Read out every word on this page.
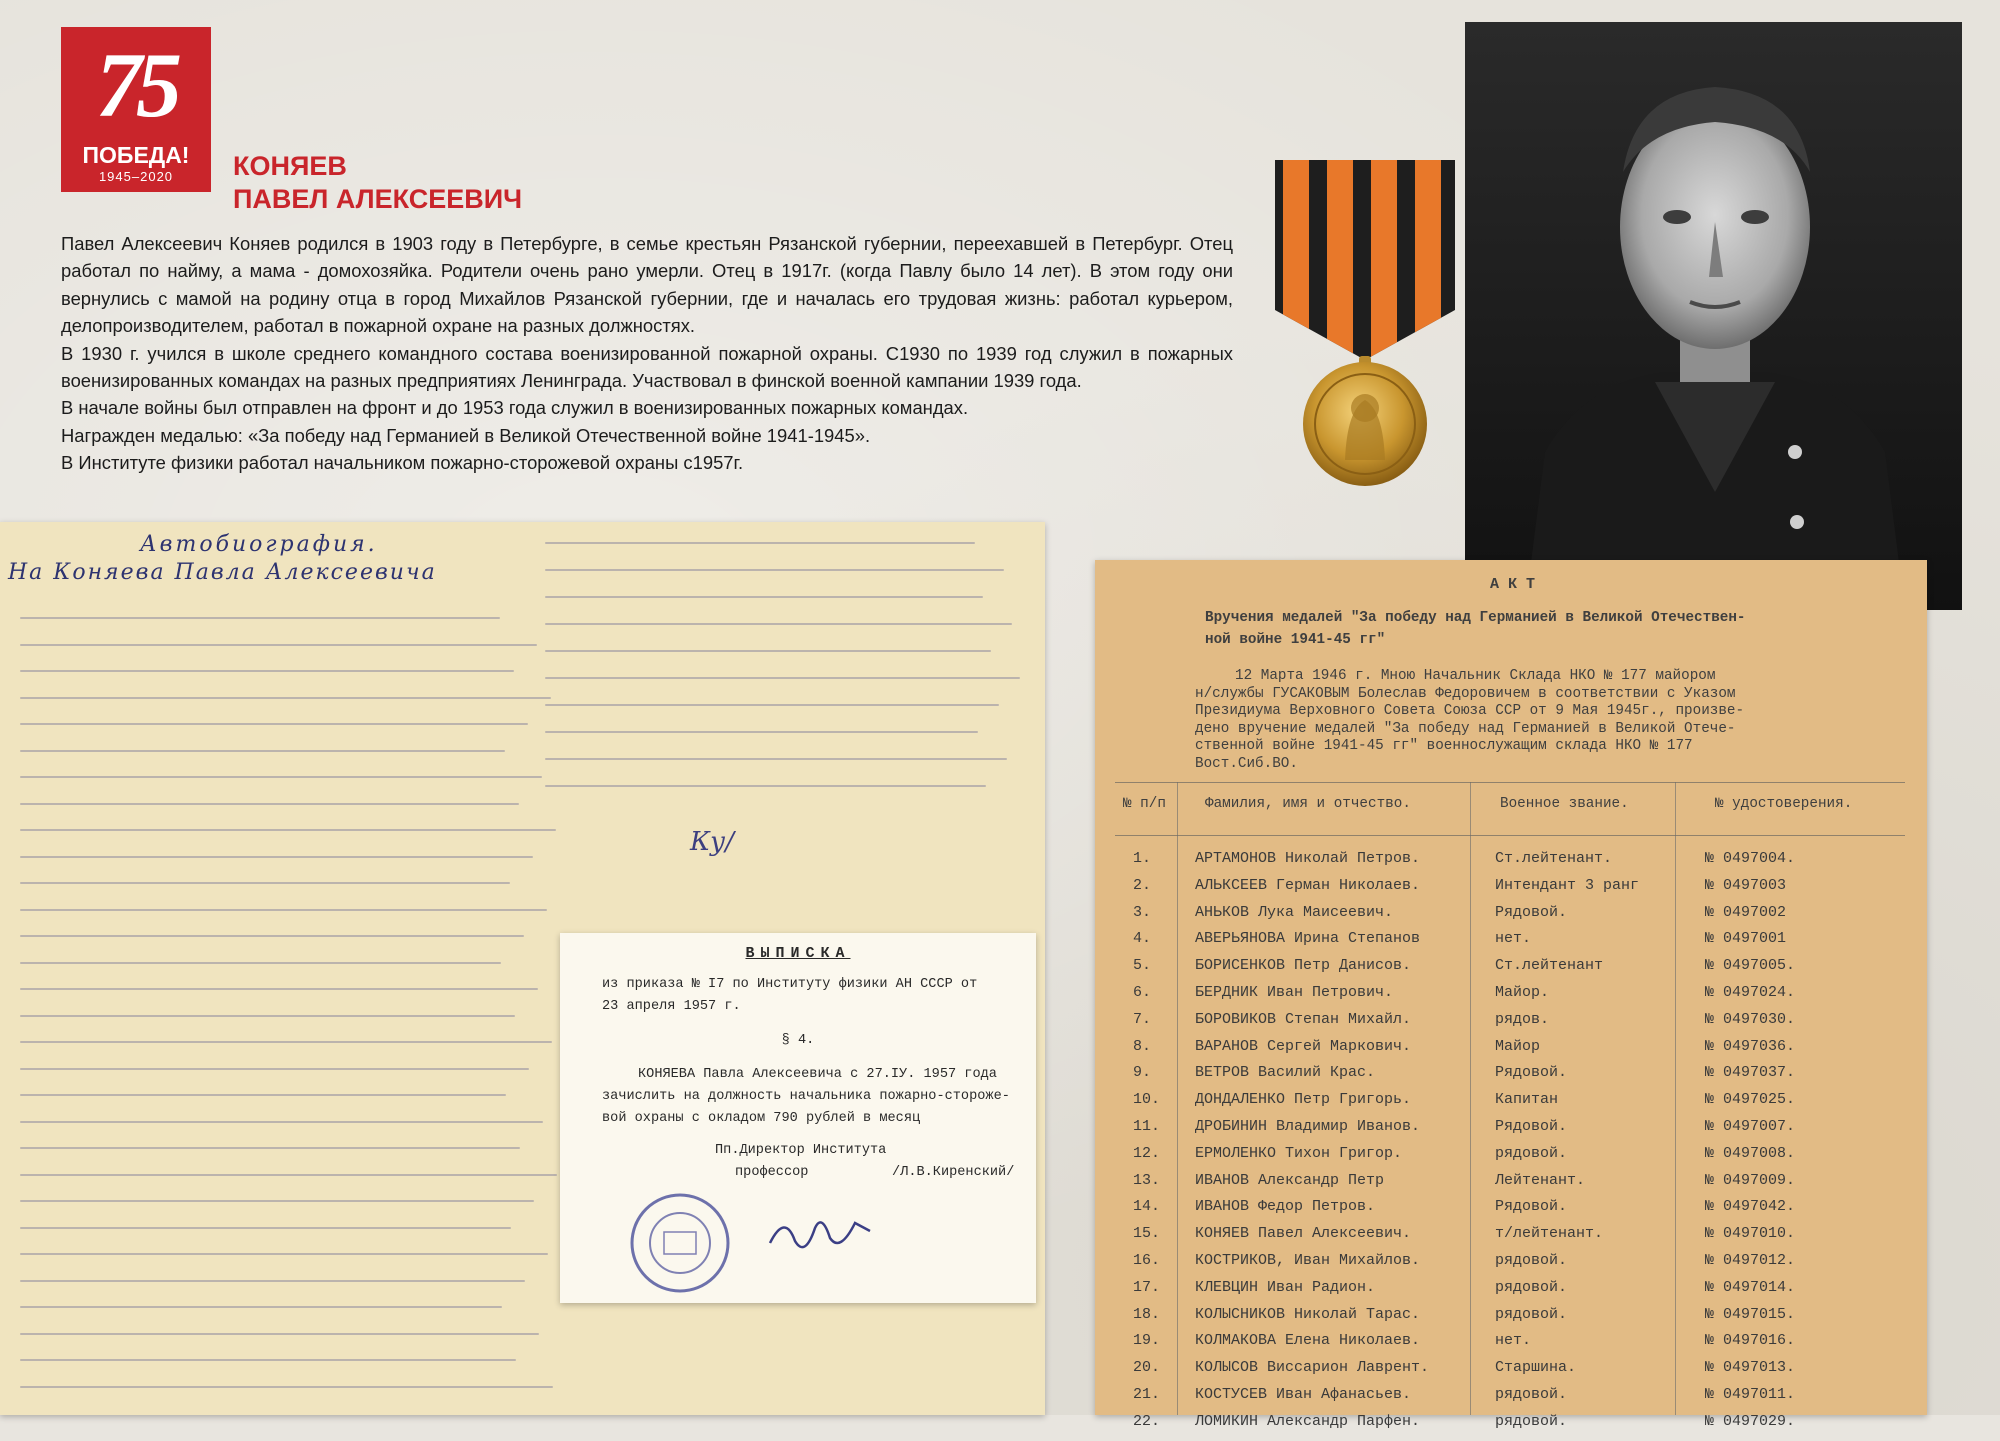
75
ПОБЕДА!
1945–2020	КОНЯЕВ
ПАВЕЛ АЛЕКСЕЕВИЧ

Павел Алексеевич Коняев родился в 1903 году в Петербурге, в семье крестьян Рязанской губернии, переехавшей в Петербург. Отец работал по найму, а мама - домохозяйка. Родители очень рано умерли. Отец в 1917г. (когда Павлу было 14 лет). В этом году они вернулись с мамой на родину отца в город Михайлов Рязанской губернии, где и началась его трудовая жизнь: работал курьером, делопроизводителем, работал в пожарной охране на разных должностях.

В 1930 г. учился в школе среднего командного состава военизированной пожарной охраны. С1930 по 1939 год служил в пожарных военизированных командах на разных предприятиях Ленинграда. Участвовал в финской военной кампании 1939 года.

В начале войны был отправлен на фронт и до 1953 года служил в военизированных пожарных командах.

Награжден медалью: «За победу над Германией в Великой Отечественной войне 1941-1945».

В Институте физики работал начальником пожарно-сторожевой охраны с1957г.

Автобиография.
На Коняева Павла Алексеевича
Ку/
ВЫПИСКА
из приказа № I7 по Институту физики АН СССР от
23 апреля 1957 г.
§ 4.
КОНЯЕВА Павла Алексеевича с 27.IУ. 1957 года
зачислить на должность начальника пожарно-стороже-
вой охраны с окладом 790 рублей в месяц
Пп.Директор Института
профессор	/Л.В.Киренский/
А К Т
Вручения медалей "За победу над Германией в Великой Отечествен-
ной войне 1941-45 гг"
12 Марта 1946 г. Мною Начальник Склада НКО № 177 майором
н/службы ГУСАКОВЫМ Болеслав Федоровичем в соответствии с Указом
Президиума Верховного Совета Союза ССР от 9 Мая 1945г., произве-
дено вручение медалей "За победу над Германией в Великой Отече-
ственной войне 1941-45 гг" военнослужащим склада НКО № 177
Вост.Сиб.ВО.
№ п/п	Фамилия, имя и отчество.	Военное звание.	№ удостоверения.
1.	АРТАМОНОВ Николай Петров.	Ст.лейтенант.	№ 0497004.
2.	АЛЬКСЕЕВ Герман Николаев.	Интендант 3 ранг	№ 0497003
3.	АНЬКОВ Лука Маисеевич.	Рядовой.	№ 0497002
4.	АВЕРЬЯНОВА Ирина Степанов	нет.	№ 0497001
5.	БОРИСЕНКОВ Петр Данисов.	Ст.лейтенант	№ 0497005.
6.	БЕРДНИК Иван Петрович.	Майор.	№ 0497024.
7.	БОРОВИКОВ Степан Михайл.	рядов.	№ 0497030.
8.	ВАРАНОВ Сергей Маркович.	Майор	№ 0497036.
9.	ВЕТРОВ Василий Крас.	Рядовой.	№ 0497037.
10. ДОНДАЛЕНКО Петр Григорь.	Капитан	№ 0497025.
11. ДРОБИНИН Владимир Иванов.	Рядовой.	№ 0497007.
12. ЕРМОЛЕНКО Тихон Григор.	рядовой.	№ 0497008.
13. ИВАНОВ Александр Петр	Лейтенант.	№ 0497009.
14. ИВАНОВ Федор Петров.	Рядовой.	№ 0497042.
15. КОНЯЕВ Павел Алексеевич.	т/лейтенант.	№ 0497010.
16. КОСТРИКОВ, Иван Михайлов.	рядовой.	№ 0497012.
17. КЛЕВЦИН Иван Радион.	рядовой.	№ 0497014.
18. КОЛЫСНИКОВ Николай Тарас.	рядовой.	№ 0497015.
19. КОЛМАКОВА Елена Николаев.	нет.	№ 0497016.
20. КОЛЫСОВ Виссарион Лаврент.	Старшина.	№ 0497013.
21. КОСТУСЕВ Иван Афанасьев.	рядовой.	№ 0497011.
22. ЛОМИКИН Александр Парфен.	рядовой.	№ 0497029.
